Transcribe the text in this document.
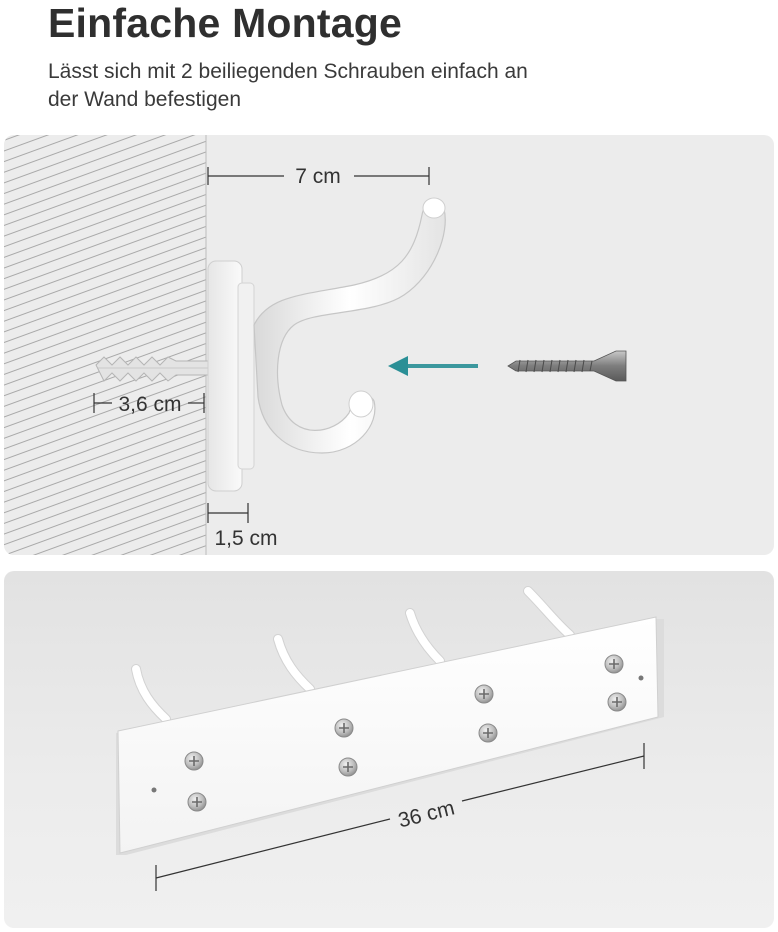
Einfache Montage
Lässt sich mit 2 beiliegenden Schrauben einfach an
der Wand befestigen
7 cm
3,6 cm
1,5 cm
36 cm
